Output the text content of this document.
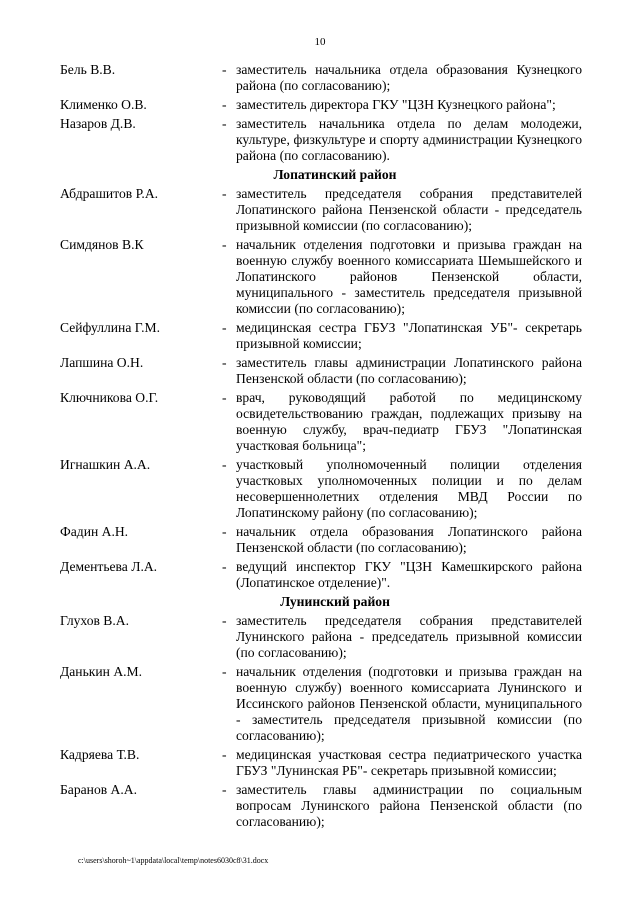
10
Бель В.В.	- заместитель начальника отдела образования Кузнецкого района (по согласованию);
Клименко О.В.	- заместитель директора ГКУ "ЦЗН Кузнецкого района";
Назаров Д.В.	- заместитель начальника отдела по делам молодежи, культуре, физкультуре и спорту администрации Кузнецкого района (по согласованию).
Лопатинский район
Абдрашитов Р.А.	- заместитель председателя собрания представителей Лопатинского района Пензенской области - председатель призывной комиссии (по согласованию);
Симдянов В.К	- начальник отделения подготовки и призыва граждан на военную службу военного комиссариата Шемышейского и Лопатинского районов Пензенской области, муниципального - заместитель председателя призывной комиссии (по согласованию);
Сейфуллина Г.М.	- медицинская сестра ГБУЗ "Лопатинская УБ"- секретарь призывной комиссии;
Лапшина О.Н.	- заместитель главы администрации Лопатинского района Пензенской области (по согласованию);
Ключникова О.Г.	- врач, руководящий работой по медицинскому освидетельствованию граждан, подлежащих призыву на военную службу, врач-педиатр ГБУЗ "Лопатинская участковая больница";
Игнашкин А.А.	- участковый уполномоченный полиции отделения участковых уполномоченных полиции и по делам несовершеннолетних отделения МВД России по Лопатинскому району (по согласованию);
Фадин А.Н.	- начальник отдела образования Лопатинского района Пензенской области (по согласованию);
Дементьева Л.А.	- ведущий инспектор ГКУ "ЦЗН Камешкирского района (Лопатинское отделение)".
Лунинский район
Глухов В.А.	- заместитель председателя собрания представителей Лунинского района - председатель призывной комиссии (по согласованию);
Данькин А.М.	- начальник отделения (подготовки и призыва граждан на военную службу) военного комиссариата Лунинского и Иссинского районов Пензенской области, муниципального - заместитель председателя призывной комиссии (по согласованию);
Кадряева Т.В.	- медицинская участковая сестра педиатрического участка ГБУЗ "Лунинская РБ"- секретарь призывной комиссии;
Баранов А.А.	- заместитель главы администрации по социальным вопросам Лунинского района Пензенской области (по согласованию);
c:\users\shoroh~1\appdata\local\temp\notes6030c8\31.docx
